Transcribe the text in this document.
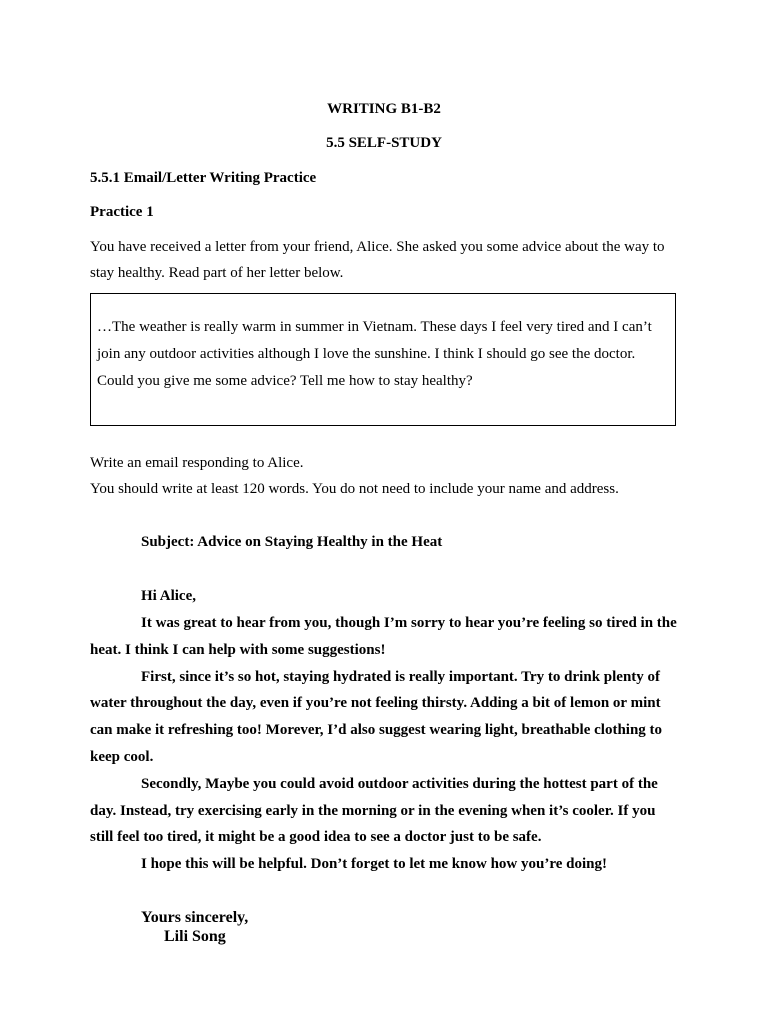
WRITING B1-B2
5.5 SELF-STUDY
5.5.1 Email/Letter Writing Practice
Practice 1
You have received a letter from your friend, Alice. She asked you some advice about the way to
stay healthy. Read part of her letter below.
…The weather is really warm in summer in Vietnam. These days I feel very tired and I can’t
join any outdoor activities although I love the sunshine. I think I should go see the doctor.
Could you give me some advice? Tell me how to stay healthy?
Write an email responding to Alice.
You should write at least 120 words. You do not need to include your name and address.
Subject: Advice on Staying Healthy in the Heat
Hi Alice,

It was great to hear from you, though I’m sorry to hear you’re feeling so tired in the heat. I think I can help with some suggestions!

First, since it’s so hot, staying hydrated is really important. Try to drink plenty of water throughout the day, even if you’re not feeling thirsty. Adding a bit of lemon or mint can make it refreshing too! Morever, I’d also suggest wearing light, breathable clothing to keep cool.

Secondly, Maybe you could avoid outdoor activities during the hottest part of the day. Instead, try exercising early in the morning or in the evening when it’s cooler. If you still feel too tired, it might be a good idea to see a doctor just to be safe.

I hope this will be helpful. Don’t forget to let me know how you’re doing!

Yours sincerely,
Lili Song
